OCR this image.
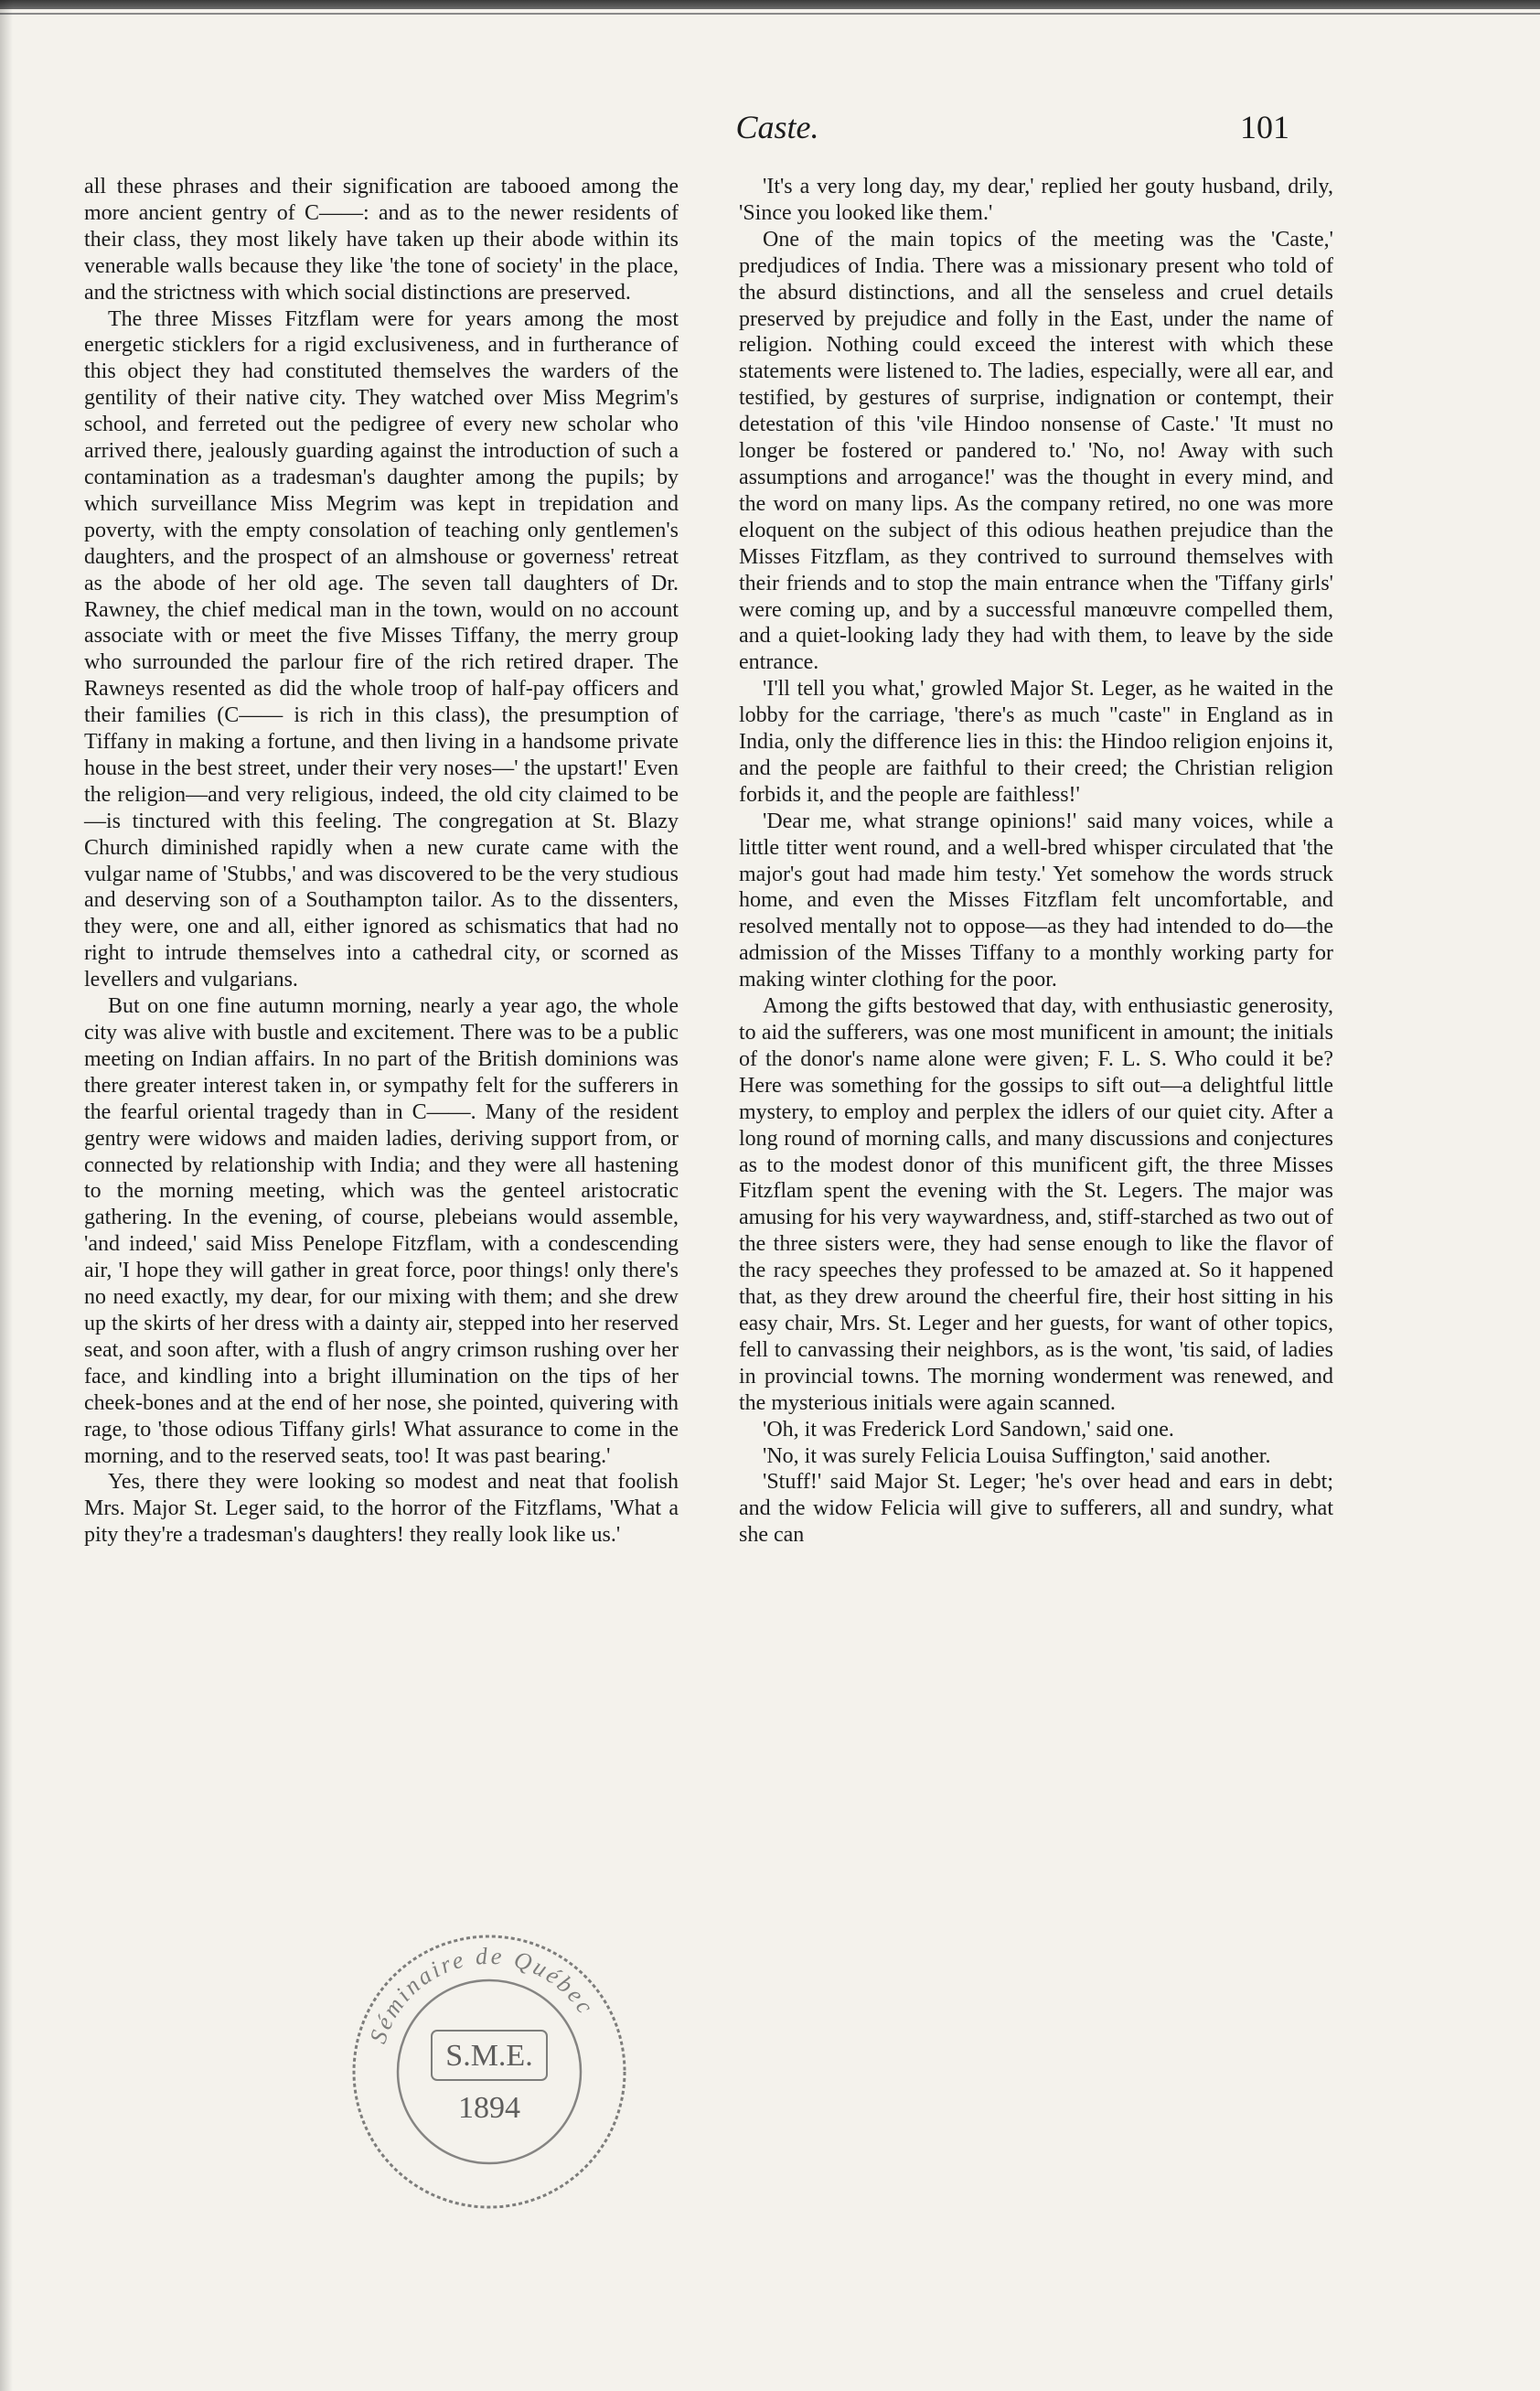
Caste.	101

all these phrases and their signification are tabooed among the more ancient gentry of C——: and as to the newer residents of their class, they most likely have taken up their abode within its venerable walls because they like 'the tone of society' in the place, and the strictness with which social distinctions are preserved.

The three Misses Fitzflam were for years among the most energetic sticklers for a rigid exclusiveness, and in furtherance of this object they had constituted themselves the warders of the gentility of their native city. They watched over Miss Megrim's school, and ferreted out the pedigree of every new scholar who arrived there, jealously guarding against the introduction of such a contamination as a tradesman's daughter among the pupils; by which surveillance Miss Megrim was kept in trepidation and poverty, with the empty consolation of teaching only gentlemen's daughters, and the prospect of an almshouse or governess' retreat as the abode of her old age. The seven tall daughters of Dr. Rawney, the chief medical man in the town, would on no account associate with or meet the five Misses Tiffany, the merry group who surrounded the parlour fire of the rich retired draper. The Rawneys resented as did the whole troop of half-pay officers and their families (C—— is rich in this class), the presumption of Tiffany in making a fortune, and then living in a handsome private house in the best street, under their very noses—' the upstart!' Even the religion—and very religious, indeed, the old city claimed to be—is tinctured with this feeling. The congregation at St. Blazy Church diminished rapidly when a new curate came with the vulgar name of 'Stubbs,' and was discovered to be the very studious and deserving son of a Southampton tailor. As to the dissenters, they were, one and all, either ignored as schismatics that had no right to intrude themselves into a cathedral city, or scorned as levellers and vulgarians.

But on one fine autumn morning, nearly a year ago, the whole city was alive with bustle and excitement. There was to be a public meeting on Indian affairs. In no part of the British dominions was there greater interest taken in, or sympathy felt for the sufferers in the fearful oriental tragedy than in C——. Many of the resident gentry were widows and maiden ladies, deriving support from, or connected by relationship with India; and they were all hastening to the morning meeting, which was the genteel aristocratic gathering. In the evening, of course, plebeians would assemble, 'and indeed,' said Miss Penelope Fitzflam, with a condescending air, 'I hope they will gather in great force, poor things! only there's no need exactly, my dear, for our mixing with them; and she drew up the skirts of her dress with a dainty air, stepped into her reserved seat, and soon after, with a flush of angry crimson rushing over her face, and kindling into a bright illumination on the tips of her cheek-bones and at the end of her nose, she pointed, quivering with rage, to 'those odious Tiffany girls! What assurance to come in the morning, and to the reserved seats, too! It was past bearing.'

Yes, there they were looking so modest and neat that foolish Mrs. Major St. Leger said, to the horror of the Fitzflams, 'What a pity they're a tradesman's daughters! they really look like us.'

'It's a very long day, my dear,' replied her gouty husband, drily, 'Since you looked like them.'

One of the main topics of the meeting was the 'Caste,' predjudices of India. There was a missionary present who told of the absurd distinctions, and all the senseless and cruel details preserved by prejudice and folly in the East, under the name of religion. Nothing could exceed the interest with which these statements were listened to. The ladies, especially, were all ear, and testified, by gestures of surprise, indignation or contempt, their detestation of this 'vile Hindoo nonsense of Caste.' 'It must no longer be fostered or pandered to.' 'No, no! Away with such assumptions and arrogance!' was the thought in every mind, and the word on many lips. As the company retired, no one was more eloquent on the subject of this odious heathen prejudice than the Misses Fitzflam, as they contrived to surround themselves with their friends and to stop the main entrance when the 'Tiffany girls' were coming up, and by a successful manœuvre compelled them, and a quiet-looking lady they had with them, to leave by the side entrance.

'I'll tell you what,' growled Major St. Leger, as he waited in the lobby for the carriage, 'there's as much "caste" in England as in India, only the difference lies in this: the Hindoo religion enjoins it, and the people are faithful to their creed; the Christian religion forbids it, and the people are faithless!'

'Dear me, what strange opinions!' said many voices, while a little titter went round, and a well-bred whisper circulated that 'the major's gout had made him testy.' Yet somehow the words struck home, and even the Misses Fitzflam felt uncomfortable, and resolved mentally not to oppose—as they had intended to do—the admission of the Misses Tiffany to a monthly working party for making winter clothing for the poor.

Among the gifts bestowed that day, with enthusiastic generosity, to aid the sufferers, was one most munificent in amount; the initials of the donor's name alone were given; F. L. S. Who could it be? Here was something for the gossips to sift out—a delightful little mystery, to employ and perplex the idlers of our quiet city. After a long round of morning calls, and many discussions and conjectures as to the modest donor of this munificent gift, the three Misses Fitzflam spent the evening with the St. Legers. The major was amusing for his very waywardness, and, stiff-starched as two out of the three sisters were, they had sense enough to like the flavor of the racy speeches they professed to be amazed at. So it happened that, as they drew around the cheerful fire, their host sitting in his easy chair, Mrs. St. Leger and her guests, for want of other topics, fell to canvassing their neighbors, as is the wont, 'tis said, of ladies in provincial towns. The morning wonderment was renewed, and the mysterious initials were again scanned.

'Oh, it was Frederick Lord Sandown,' said one.

'No, it was surely Felicia Louisa Suffington,' said another.

'Stuff!' said Major St. Leger; 'he's over head and ears in debt; and the widow Felicia will give to sufferers, all and sundry, what she can

Séminaire de Québec
S.M.E.
1894
